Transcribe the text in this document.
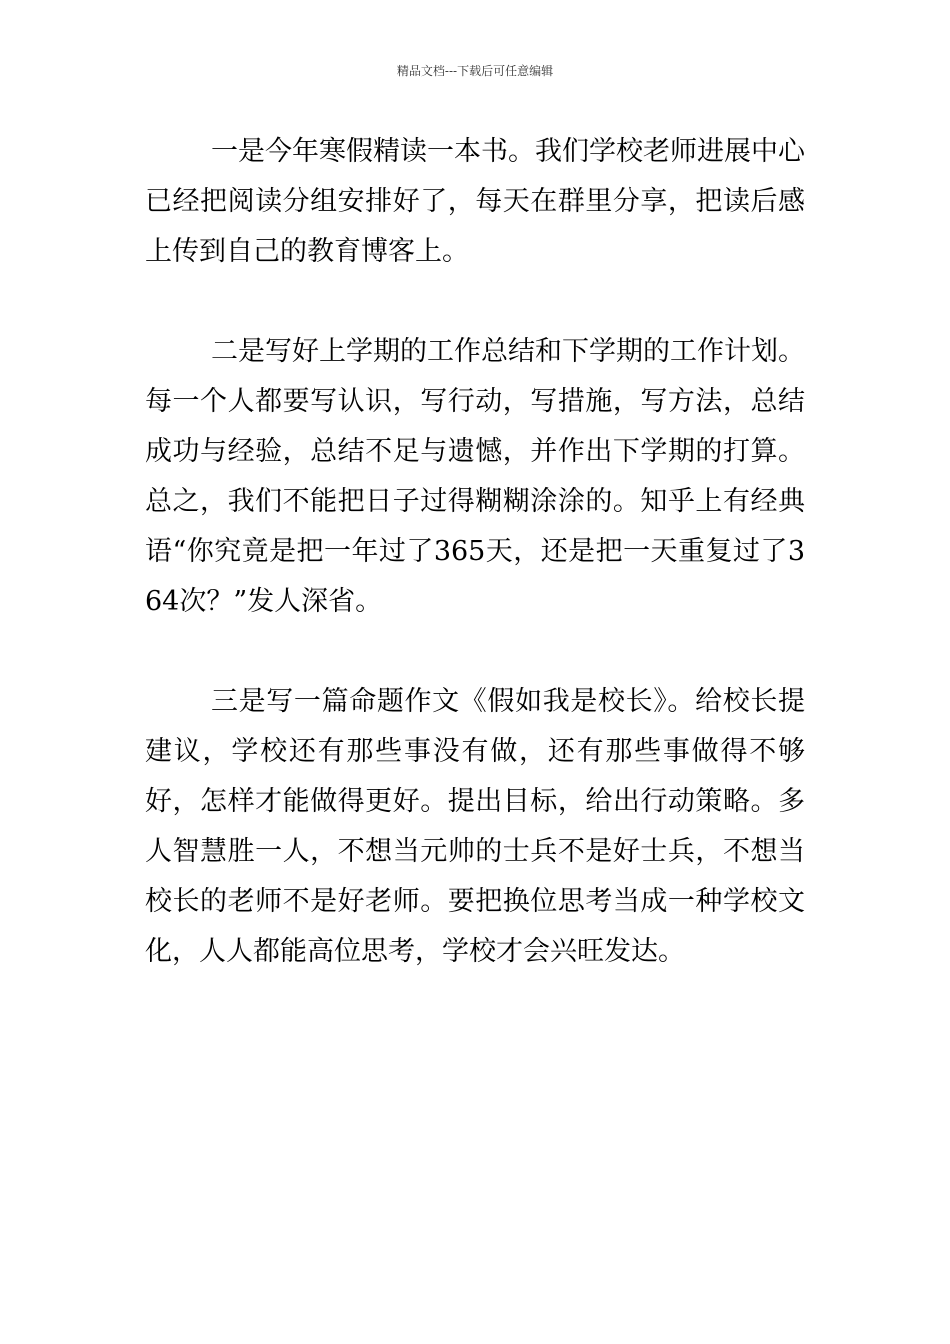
精品文档---下载后可任意编辑

一是今年寒假精读一本书。我们学校老师进展中心已经把阅读分组安排好了，每天在群里分享，把读后感上传到自己的教育博客上。

二是写好上学期的工作总结和下学期的工作计划。每一个人都要写认识，写行动，写措施，写方法，总结成功与经验，总结不足与遗憾，并作出下学期的打算。总之，我们不能把日子过得糊糊涂涂的。知乎上有经典语“你究竟是把一年过了365天，还是把一天重复过了364次？”发人深省。

三是写一篇命题作文《假如我是校长》。给校长提建议，学校还有那些事没有做，还有那些事做得不够好，怎样才能做得更好。提出目标，给出行动策略。多人智慧胜一人，不想当元帅的士兵不是好士兵，不想当校长的老师不是好老师。要把换位思考当成一种学校文化，人人都能高位思考，学校才会兴旺发达。
